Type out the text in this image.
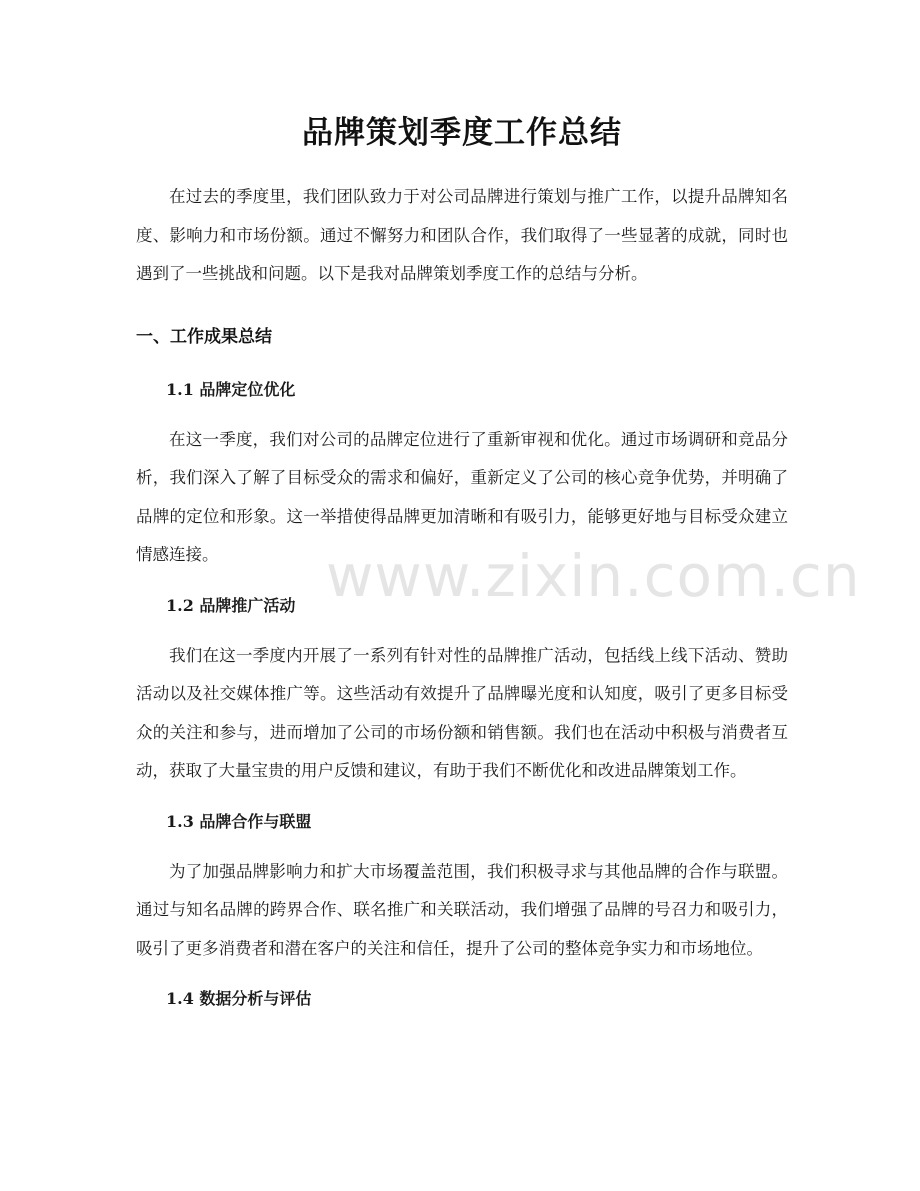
品牌策划季度工作总结

在过去的季度里，我们团队致力于对公司品牌进行策划与推广工作，以提升品牌知名度、影响力和市场份额。通过不懈努力和团队合作，我们取得了一些显著的成就，同时也遇到了一些挑战和问题。以下是我对品牌策划季度工作的总结与分析。

一、工作成果总结
1.1 品牌定位优化

在这一季度，我们对公司的品牌定位进行了重新审视和优化。通过市场调研和竞品分析，我们深入了解了目标受众的需求和偏好，重新定义了公司的核心竞争优势，并明确了品牌的定位和形象。这一举措使得品牌更加清晰和有吸引力，能够更好地与目标受众建立情感连接。

1.2 品牌推广活动

我们在这一季度内开展了一系列有针对性的品牌推广活动，包括线上线下活动、赞助活动以及社交媒体推广等。这些活动有效提升了品牌曝光度和认知度，吸引了更多目标受众的关注和参与，进而增加了公司的市场份额和销售额。我们也在活动中积极与消费者互动，获取了大量宝贵的用户反馈和建议，有助于我们不断优化和改进品牌策划工作。

1.3 品牌合作与联盟

为了加强品牌影响力和扩大市场覆盖范围，我们积极寻求与其他品牌的合作与联盟。通过与知名品牌的跨界合作、联名推广和关联活动，我们增强了品牌的号召力和吸引力，吸引了更多消费者和潜在客户的关注和信任，提升了公司的整体竞争实力和市场地位。

1.4 数据分析与评估
www.zixin.com.cn
